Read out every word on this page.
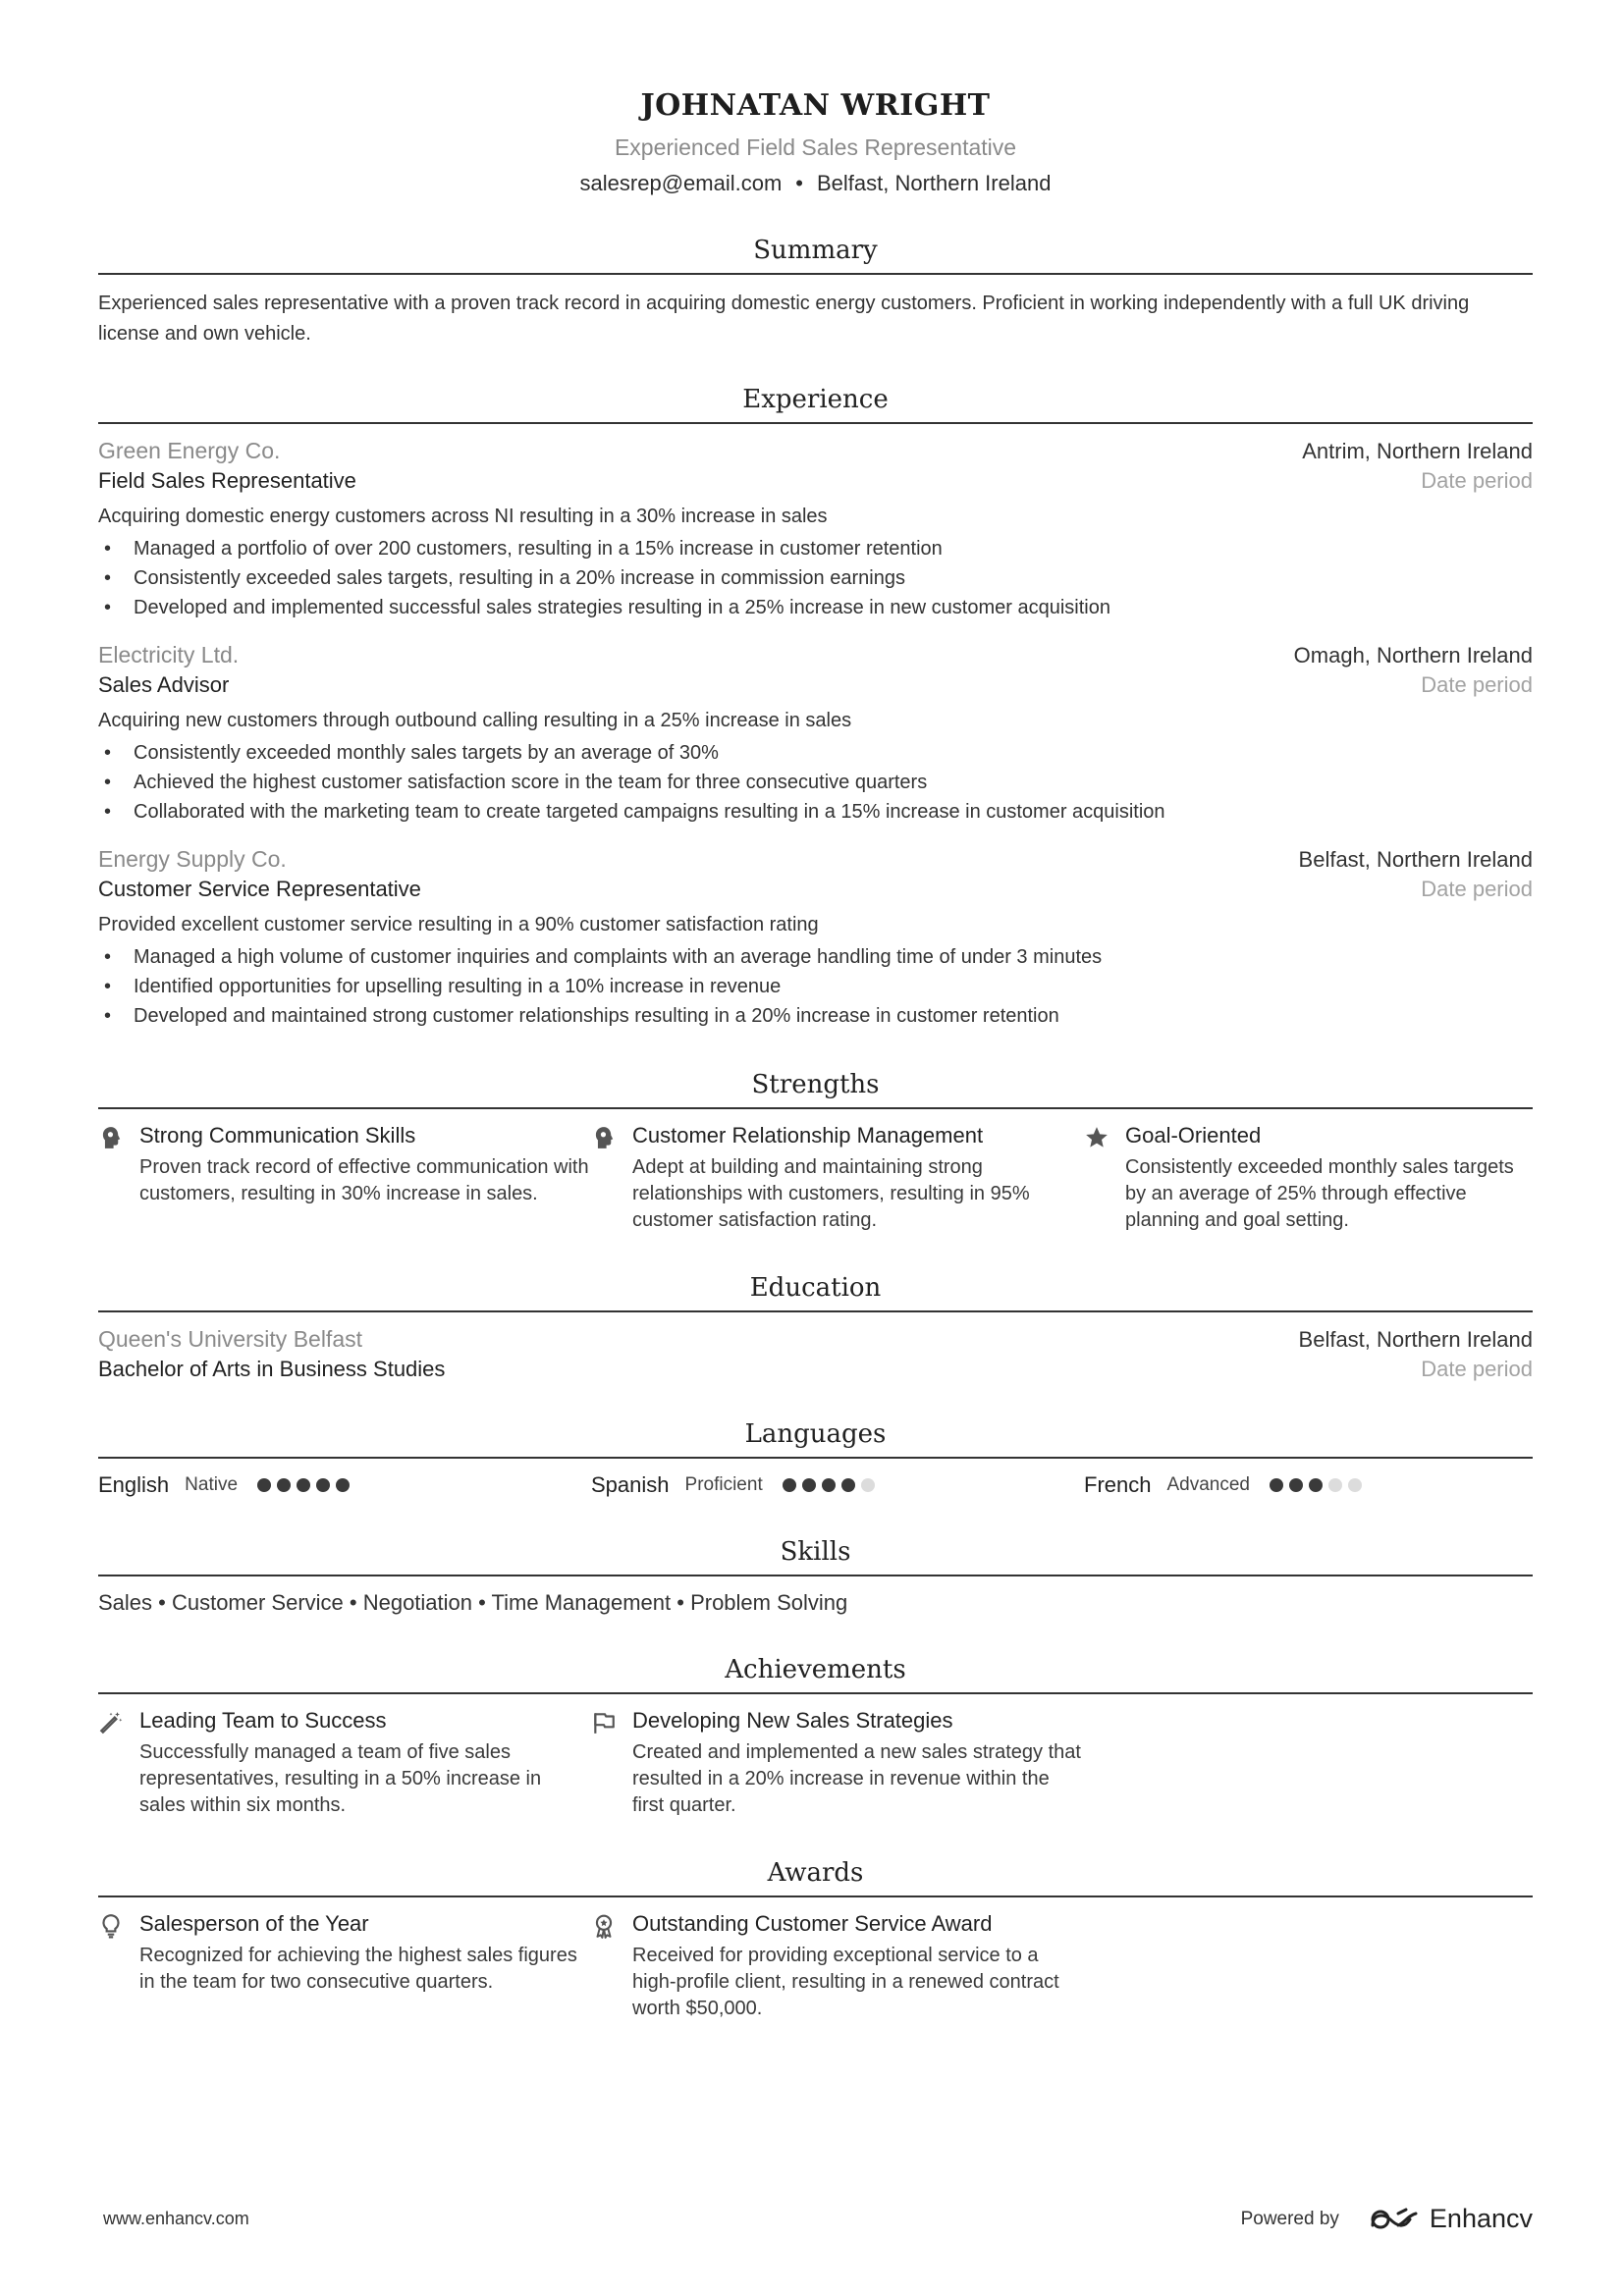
JOHNATAN WRIGHT
Experienced Field Sales Representative
salesrep@email.com • Belfast, Northern Ireland
Summary
Experienced sales representative with a proven track record in acquiring domestic energy customers. Proficient in working independently with a full UK driving license and own vehicle.
Experience
Green Energy Co.	Antrim, Northern Ireland
Field Sales Representative	Date period
Acquiring domestic energy customers across NI resulting in a 30% increase in sales
• Managed a portfolio of over 200 customers, resulting in a 15% increase in customer retention
• Consistently exceeded sales targets, resulting in a 20% increase in commission earnings
• Developed and implemented successful sales strategies resulting in a 25% increase in new customer acquisition
Electricity Ltd.	Omagh, Northern Ireland
Sales Advisor	Date period
Acquiring new customers through outbound calling resulting in a 25% increase in sales
• Consistently exceeded monthly sales targets by an average of 30%
• Achieved the highest customer satisfaction score in the team for three consecutive quarters
• Collaborated with the marketing team to create targeted campaigns resulting in a 15% increase in customer acquisition
Energy Supply Co.	Belfast, Northern Ireland
Customer Service Representative	Date period
Provided excellent customer service resulting in a 90% customer satisfaction rating
• Managed a high volume of customer inquiries and complaints with an average handling time of under 3 minutes
• Identified opportunities for upselling resulting in a 10% increase in revenue
• Developed and maintained strong customer relationships resulting in a 20% increase in customer retention
Strengths
Strong Communication Skills
Proven track record of effective communication with customers, resulting in 30% increase in sales.
Customer Relationship Management
Adept at building and maintaining strong relationships with customers, resulting in 95% customer satisfaction rating.
Goal-Oriented
Consistently exceeded monthly sales targets by an average of 25% through effective planning and goal setting.
Education
Queen's University Belfast	Belfast, Northern Ireland
Bachelor of Arts in Business Studies	Date period
Languages
English Native	Spanish Proficient	French Advanced
Skills
Sales • Customer Service • Negotiation • Time Management • Problem Solving
Achievements
Leading Team to Success
Successfully managed a team of five sales representatives, resulting in a 50% increase in sales within six months.
Developing New Sales Strategies
Created and implemented a new sales strategy that resulted in a 20% increase in revenue within the first quarter.
Awards
Salesperson of the Year
Recognized for achieving the highest sales figures in the team for two consecutive quarters.
Outstanding Customer Service Award
Received for providing exceptional service to a high-profile client, resulting in a renewed contract worth $50,000.
www.enhancv.com	Powered by	Enhancv
